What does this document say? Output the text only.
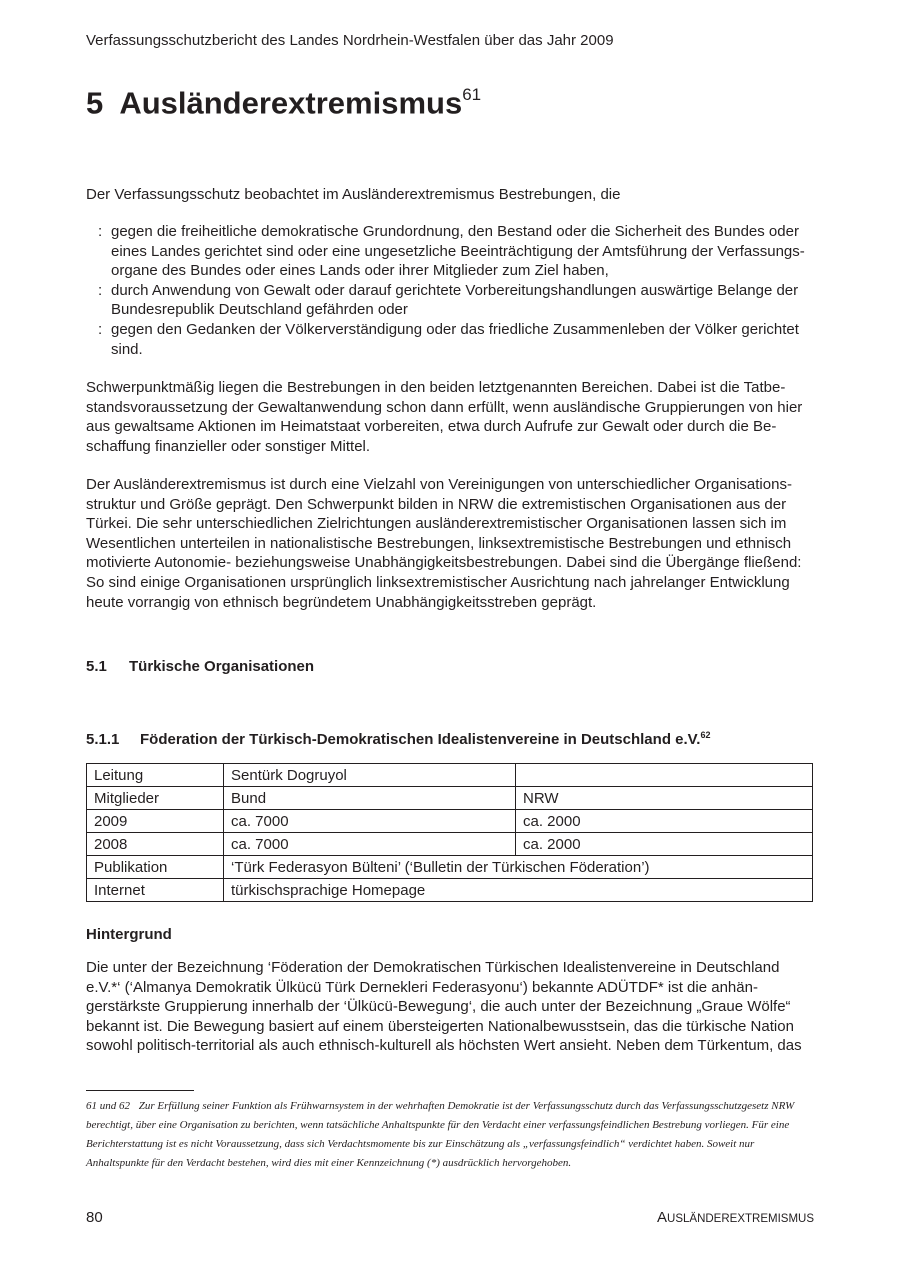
Verfassungsschutzbericht des Landes Nordrhein-Westfalen über das Jahr 2009
5 Ausländerextremismus$^{61}$

Der Verfassungsschutz beobachtet im Ausländerextremismus Bestrebungen, die

: gegen die freiheitliche demokratische Grundordnung, den Bestand oder die Sicherheit des Bundes oder eines Landes gerichtet sind oder eine ungesetzliche Beeinträchtigung der Amtsführung der Verfassungsorgane des Bundes oder eines Lands oder ihrer Mitglieder zum Ziel haben,
: durch Anwendung von Gewalt oder darauf gerichtete Vorbereitungshandlungen auswärtige Belange der Bundesrepublik Deutschland gefährden oder
: gegen den Gedanken der Völkerverständigung oder das friedliche Zusammenleben der Völker gerichtet sind.

Schwerpunktmäßig liegen die Bestrebungen in den beiden letztgenannten Bereichen. Dabei ist die Tatbestandsvoraussetzung der Gewaltanwendung schon dann erfüllt, wenn ausländische Gruppierungen von hier aus gewaltsame Aktionen im Heimatstaat vorbereiten, etwa durch Aufrufe zur Gewalt oder durch die Beschaffung finanzieller oder sonstiger Mittel.

Der Ausländerextremismus ist durch eine Vielzahl von Vereinigungen von unterschiedlicher Organisationsstruktur und Größe geprägt. Den Schwerpunkt bilden in NRW die extremistischen Organisationen aus der Türkei. Die sehr unterschiedlichen Zielrichtungen ausländerextremistischer Organisationen lassen sich im Wesentlichen unterteilen in nationalistische Bestrebungen, linksextremistische Bestrebungen und ethnisch motivierte Autonomie- beziehungsweise Unabhängigkeitsbestrebungen. Dabei sind die Übergänge fließend: So sind einige Organisationen ursprünglich linksextremistischer Ausrichtung nach jahrelanger Entwicklung heute vorrangig von ethnisch begründetem Unabhängigkeitsstreben geprägt.

5.1 Türkische Organisationen
5.1.1 Föderation der Türkisch-Demokratischen Idealistenvereine in Deutschland e.V.$^{62}$
Leitung	Sentürk Dogruyol	
Mitglieder	Bund	NRW
2009	ca. 7000	ca. 2000
2008	ca. 7000	ca. 2000
Publikation	‘Türk Federasyon Bülteni’ (‘Bulletin der Türkischen Föderation’)	
Internet	türkischsprachige Homepage	
Hintergrund

Die unter der Bezeichnung ‘Föderation der Demokratischen Türkischen Idealistenvereine in Deutschland e.V.*‘ (‘Almanya Demokratik Ülkücü Türk Dernekleri Federasyonu‘) bekannte ADÜTDF* ist die anhängerstärkste Gruppierung innerhalb der ‘Ülkücü-Bewegung‘, die auch unter der Bezeichnung „Graue Wölfe“ bekannt ist. Die Bewegung basiert auf einem übersteigerten Nationalbewusstsein, das die türkische Nation sowohl politisch-territorial als auch ethnisch-kulturell als höchsten Wert ansieht. Neben dem Türkentum, das

61 und 62 Zur Erfüllung seiner Funktion als Frühwarnsystem in der wehrhaften Demokratie ist der Verfassungsschutz durch das Verfassungsschutzgesetz NRW berechtigt, über eine Organisation zu berichten, wenn tatsächliche Anhaltspunkte für den Verdacht einer verfassungsfeindlichen Bestrebung vorliegen. Für eine Berichterstattung ist es nicht Voraussetzung, dass sich Verdachtsmomente bis zur Einschätzung als „verfassungsfeindlich“ verdichtet haben. Soweit nur Anhaltspunkte für den Verdacht bestehen, wird dies mit einer Kennzeichnung (*) ausdrücklich hervorgehoben.

80	AUSLÄNDEREXTREMISMUS
